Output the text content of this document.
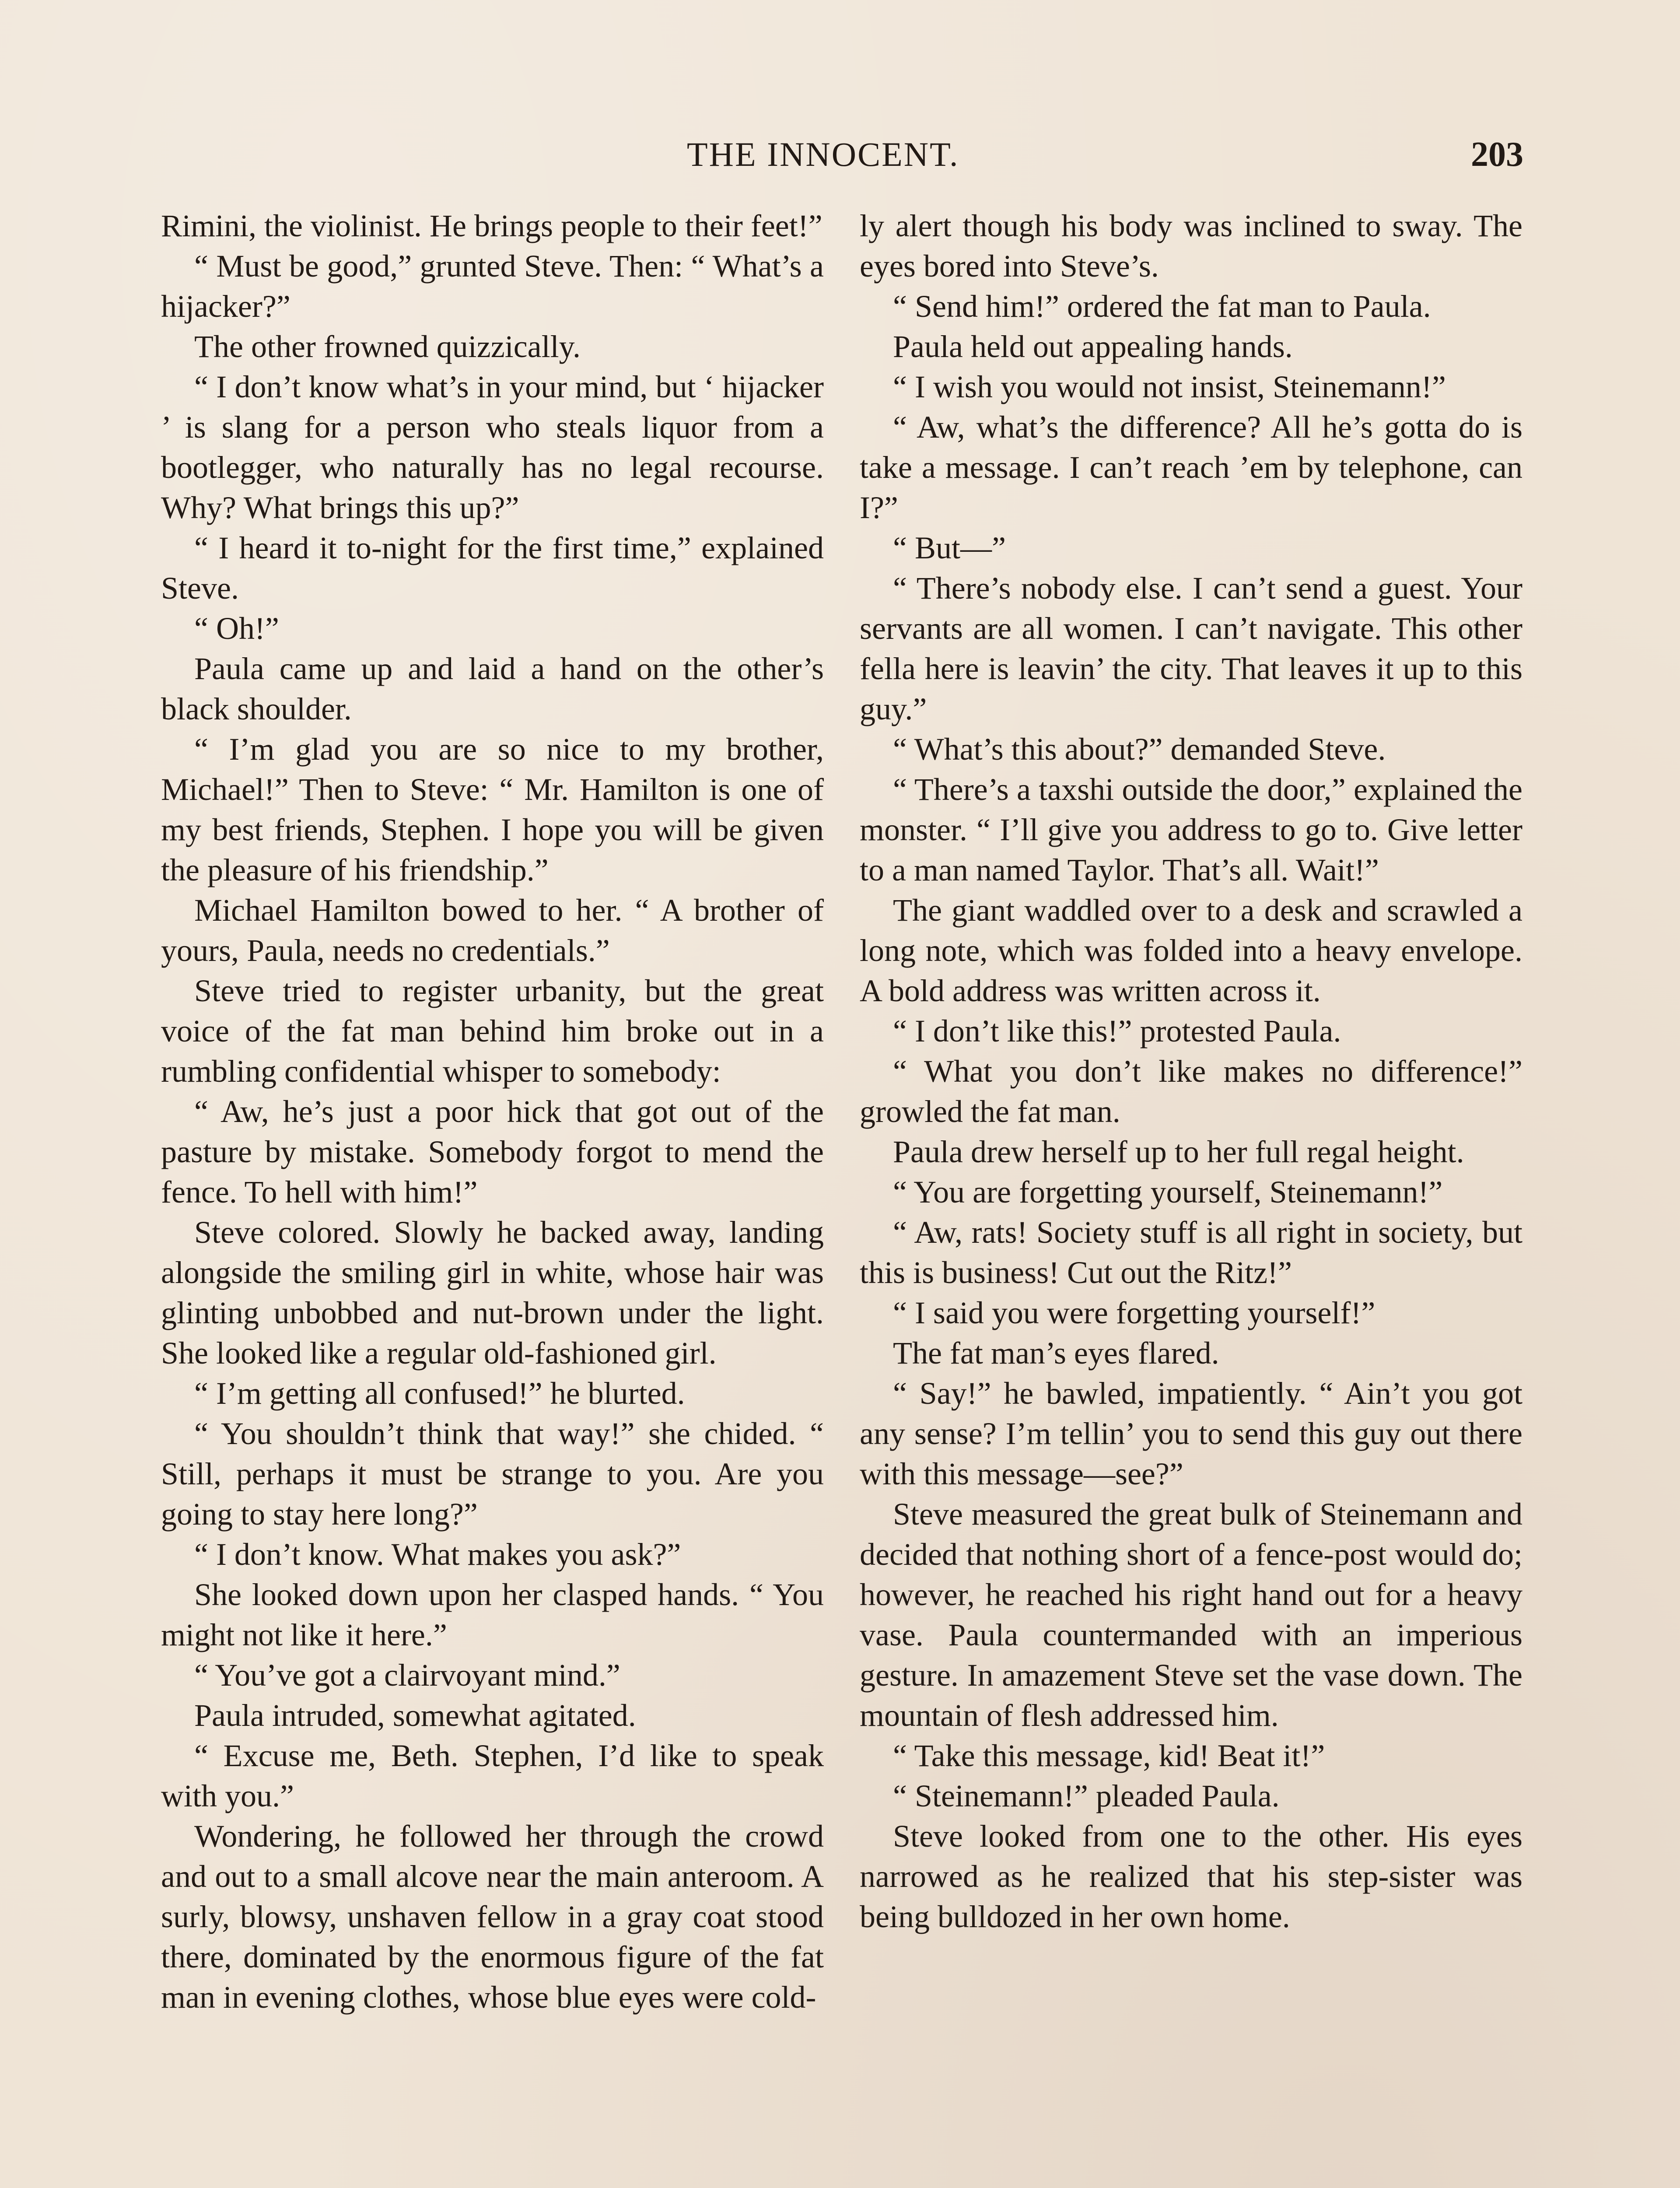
THE INNOCENT.	203

Rimini, the violinist. He brings people to their feet!”

“ Must be good,” grunted Steve. Then: “ What’s a hijacker?”

The other frowned quizzically.

“ I don’t know what’s in your mind, but ‘ hijacker ’ is slang for a person who steals liquor from a bootlegger, who naturally has no legal recourse. Why? What brings this up?”

“ I heard it to-night for the first time,” explained Steve.

“ Oh!”

Paula came up and laid a hand on the other’s black shoulder.

“ I’m glad you are so nice to my brother, Michael!” Then to Steve: “ Mr. Hamilton is one of my best friends, Stephen. I hope you will be given the pleasure of his friendship.”

Michael Hamilton bowed to her. “ A brother of yours, Paula, needs no credentials.”

Steve tried to register urbanity, but the great voice of the fat man behind him broke out in a rumbling confidential whisper to somebody:

“ Aw, he’s just a poor hick that got out of the pasture by mistake. Somebody forgot to mend the fence. To hell with him!”

Steve colored. Slowly he backed away, landing alongside the smiling girl in white, whose hair was glinting unbobbed and nut-brown under the light. She looked like a regular old-fashioned girl.

“ I’m getting all confused!” he blurted.

“ You shouldn’t think that way!” she chided. “ Still, perhaps it must be strange to you. Are you going to stay here long?”

“ I don’t know. What makes you ask?”

She looked down upon her clasped hands. “ You might not like it here.”

“ You’ve got a clairvoyant mind.”

Paula intruded, somewhat agitated.

“ Excuse me, Beth. Stephen, I’d like to speak with you.”

Wondering, he followed her through the crowd and out to a small alcove near the main anteroom. A surly, blowsy, unshaven fellow in a gray coat stood there, dominated by the enormous figure of the fat man in evening clothes, whose blue eyes were cold-

ly alert though his body was inclined to sway. The eyes bored into Steve’s.

“ Send him!” ordered the fat man to Paula.

Paula held out appealing hands.

“ I wish you would not insist, Steinemann!”

“ Aw, what’s the difference? All he’s gotta do is take a message. I can’t reach ’em by telephone, can I?”

“ But—”

“ There’s nobody else. I can’t send a guest. Your servants are all women. I can’t navigate. This other fella here is leavin’ the city. That leaves it up to this guy.”

“ What’s this about?” demanded Steve.

“ There’s a taxshi outside the door,” explained the monster. “ I’ll give you address to go to. Give letter to a man named Taylor. That’s all. Wait!”

The giant waddled over to a desk and scrawled a long note, which was folded into a heavy envelope. A bold address was written across it.

“ I don’t like this!” protested Paula.

“ What you don’t like makes no difference!” growled the fat man.

Paula drew herself up to her full regal height.

“ You are forgetting yourself, Steinemann!”

“ Aw, rats! Society stuff is all right in society, but this is business! Cut out the Ritz!”

“ I said you were forgetting yourself!”

The fat man’s eyes flared.

“ Say!” he bawled, impatiently. “ Ain’t you got any sense? I’m tellin’ you to send this guy out there with this message—see?”

Steve measured the great bulk of Steinemann and decided that nothing short of a fence-post would do; however, he reached his right hand out for a heavy vase. Paula countermanded with an imperious gesture. In amazement Steve set the vase down. The mountain of flesh addressed him.

“ Take this message, kid! Beat it!”

“ Steinemann!” pleaded Paula.

Steve looked from one to the other. His eyes narrowed as he realized that his step-sister was being bulldozed in her own home.
